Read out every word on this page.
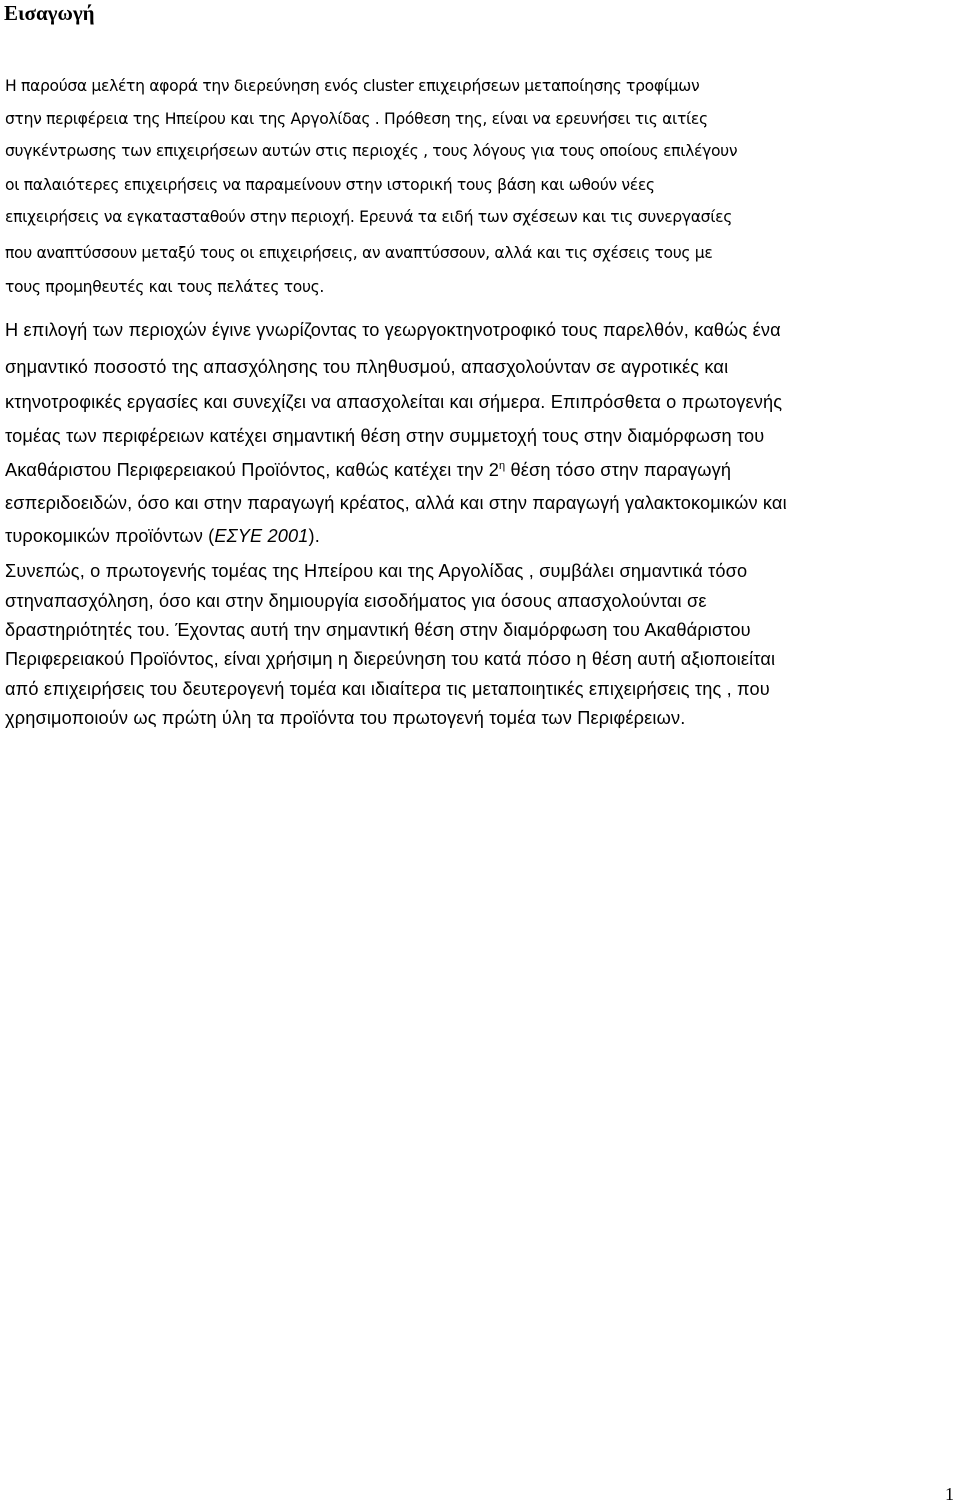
Εισαγωγή

Η παρούσα μελέτη αφορά την διερεύνηση ενός cluster επιχειρήσεων μεταποίησης τροφίμων

στην περιφέρεια της Ηπείρου και της Αργολίδας . Πρόθεση της, είναι να ερευνήσει τις αιτίες

συγκέντρωσης των επιχειρήσεων αυτών στις περιοχές , τους λόγους για τους οποίους επιλέγουν

οι παλαιότερες επιχειρήσεις να παραμείνουν στην ιστορική τους βάση και ωθούν νέες

επιχειρήσεις να εγκατασταθούν στην περιοχή. Ερευνά τα ειδή των σχέσεων και τις συνεργασίες

που αναπτύσσουν μεταξύ τους οι επιχειρήσεις, αν αναπτύσσουν, αλλά και τις σχέσεις τους με

τους προμηθευτές και τους πελάτες τους.

Η επιλογή των περιοχών έγινε γνωρίζοντας το γεωργοκτηνοτροφικό τους παρελθόν, καθώς ένα

σημαντικό ποσοστό της απασχόλησης του πληθυσμού, απασχολούνταν σε αγροτικές και

κτηνοτροφικές εργασίες και συνεχίζει να απασχολείται και σήμερα. Επιπρόσθετα ο πρωτογενής

τομέας των περιφέρειων κατέχει σημαντική θέση στην συμμετοχή τους στην διαμόρφωση του

Ακαθάριστου Περιφερειακού Προϊόντος, καθώς κατέχει την $2^\eta$ θέση τόσο στην παραγωγή

εσπεριδοειδών, όσο και στην παραγωγή κρέατος, αλλά και στην παραγωγή γαλακτοκομικών και

τυροκομικών προϊόντων (ΕΣΥΕ 2001).

Συνεπώς, ο πρωτογενής τομέας της Ηπείρου και της Αργολίδας , συμβάλει σημαντικά τόσο

στηναπασχόληση, όσο και στην δημιουργία εισοδήματος για όσους απασχολούνται σε

δραστηριότητές του. Έχοντας αυτή την σημαντική θέση στην διαμόρφωση του Ακαθάριστου

Περιφερειακού Προϊόντος, είναι χρήσιμη η διερεύνηση του κατά πόσο η θέση αυτή αξιοποιείται

από επιχειρήσεις του δευτερογενή τομέα και ιδιαίτερα τις μεταποιητικές επιχειρήσεις της , που

χρησιμοποιούν ως πρώτη ύλη τα προϊόντα του πρωτογενή τομέα των Περιφέρειων.

1
